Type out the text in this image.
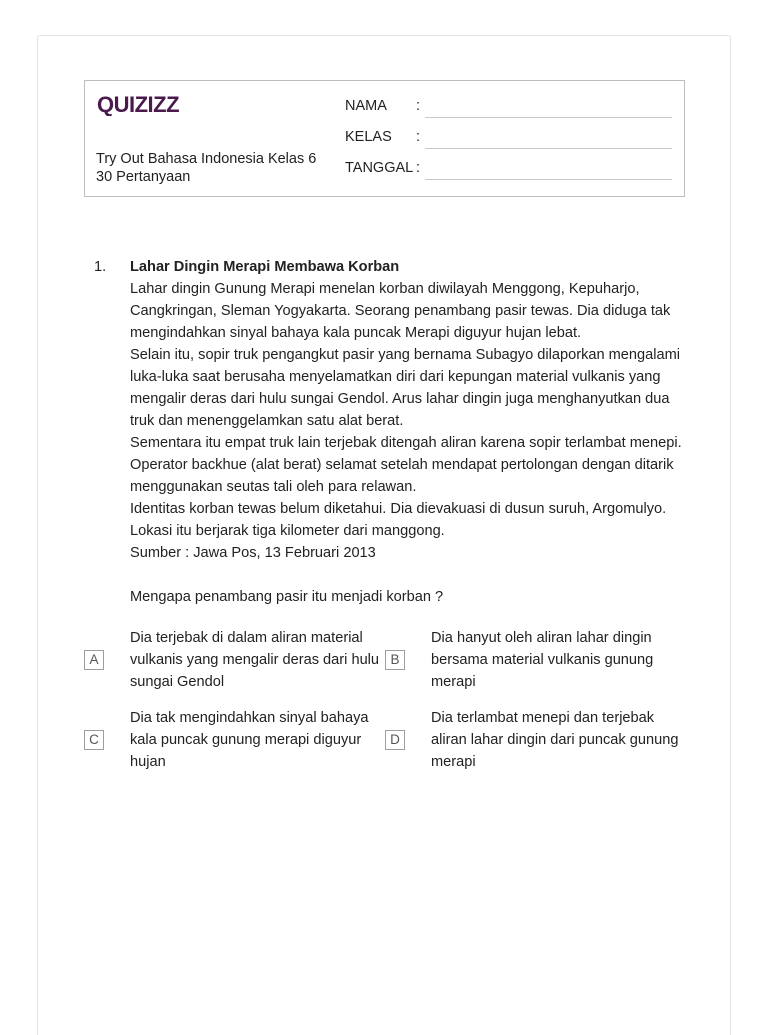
QUIZIZZ
Try Out Bahasa Indonesia Kelas 6
30 Pertanyaan
NAMA :
KELAS :
TANGGAL :
1. Lahar Dingin Merapi Membawa Korban

Lahar dingin Gunung Merapi menelan korban diwilayah Menggong, Kepuharjo, Cangkringan, Sleman Yogyakarta. Seorang penambang pasir tewas. Dia diduga tak mengindahkan sinyal bahaya kala puncak Merapi diguyur hujan lebat.

Selain itu, sopir truk pengangkut pasir yang bernama Subagyo dilaporkan mengalami luka-luka saat berusaha menyelamatkan diri dari kepungan material vulkanis yang mengalir deras dari hulu sungai Gendol. Arus lahar dingin juga menghanyutkan dua truk dan menenggelamkan satu alat berat.

Sementara itu empat truk lain terjebak ditengah aliran karena sopir terlambat menepi. Operator backhue (alat berat) selamat setelah mendapat pertolongan dengan ditarik menggunakan seutas tali oleh para relawan.

Identitas korban tewas belum diketahui. Dia dievakuasi di dusun suruh, Argomulyo. Lokasi itu berjarak tiga kilometer dari manggong.

Sumber : Jawa Pos, 13 Februari 2013

Mengapa penambang pasir itu menjadi korban ?

A
Dia terjebak di dalam aliran material vulkanis yang mengalir deras dari hulu sungai Gendol
B
Dia hanyut oleh aliran lahar dingin bersama material vulkanis gunung merapi
C
Dia tak mengindahkan sinyal bahaya kala puncak gunung merapi diguyur hujan
D
Dia terlambat menepi dan terjebak aliran lahar dingin dari puncak gunung merapi
